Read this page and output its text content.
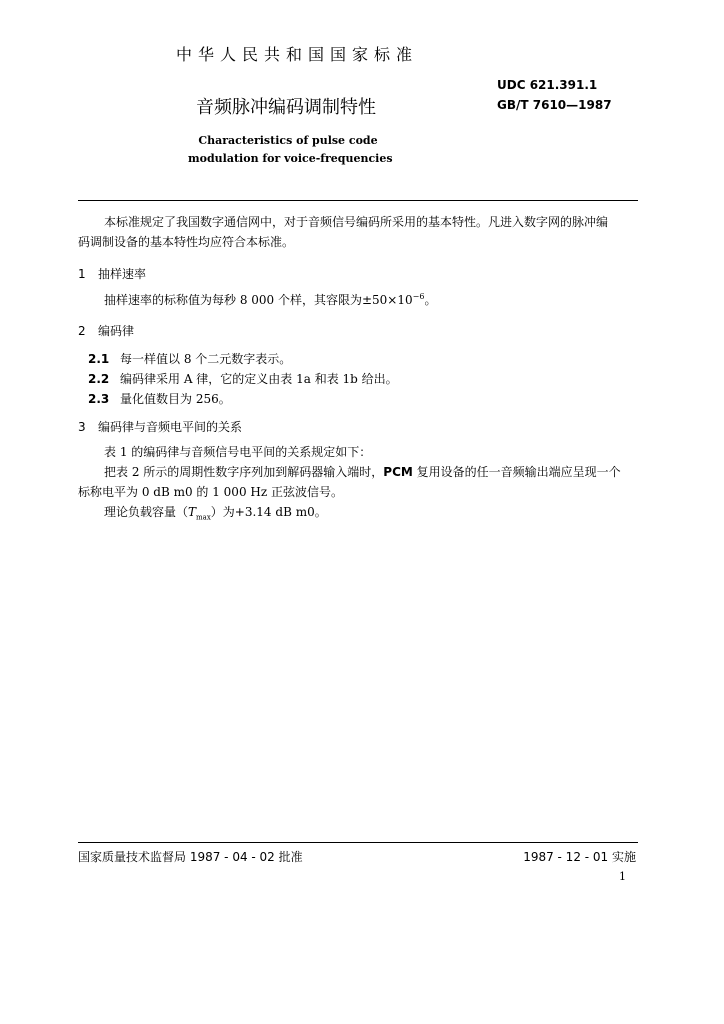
中华人民共和国国家标准
UDC 621.391.1
GB/T 7610—1987
音频脉冲编码调制特性
Characteristics of pulse code
modulation for voice-frequencies
本标准规定了我国数字通信网中，对于音频信号编码所采用的基本特性。凡进入数字网的脉冲编
码调制设备的基本特性均应符合本标准。
1 抽样速率
抽样速率的标称值为每秒 8 000 个样，其容限为$\pm 50\times 10^{-6}$。
2 编码律
2.1 每一样值以 8 个二元数字表示。
2.2 编码律采用 A 律，它的定义由表 1a 和表 1b 给出。
2.3 量化值数目为 256。
3 编码律与音频电平间的关系
表 1 的编码律与音频信号电平间的关系规定如下：
把表 2 所示的周期性数字序列加到解码器输入端时，PCM 复用设备的任一音频输出端应呈现一个
标称电平为 0 dB m0 的 1 000 Hz 正弦波信号。
理论负载容量$(T_{max})$为+3.14 dB m0。
国家质量技术监督局 1987 - 04 - 02 批准	1987 - 12 - 01 实施
1
